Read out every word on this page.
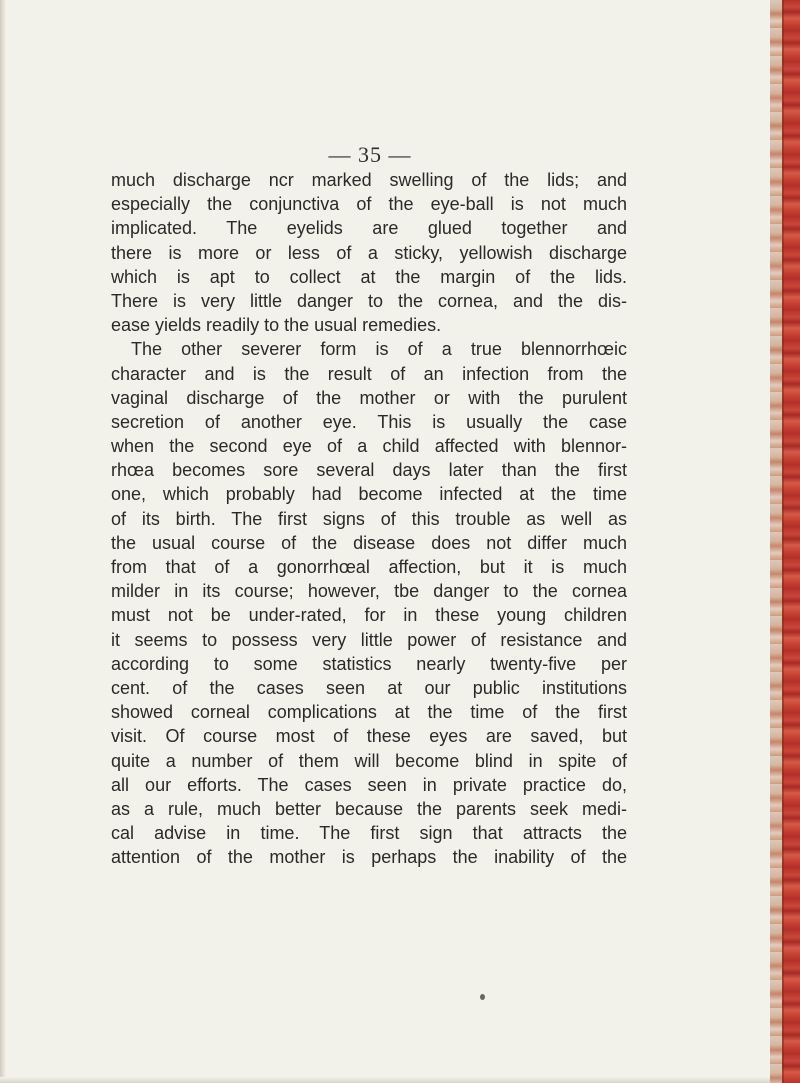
— 35 —
much discharge ncr marked swelling of the lids; and
especially the conjunctiva of the eye-ball is not much
implicated. The eyelids are glued together and
there is more or less of a sticky, yellowish discharge
which is apt to collect at the margin of the lids.
There is very little danger to the cornea, and the dis-
ease yields readily to the usual remedies.
The other severer form is of a true blennorrhœic
character and is the result of an infection from the
vaginal discharge of the mother or with the purulent
secretion of another eye. This is usually the case
when the second eye of a child affected with blennor-
rhœa becomes sore several days later than the first
one, which probably had become infected at the time
of its birth. The first signs of this trouble as well as
the usual course of the disease does not differ much
from that of a gonorrhœal affection, but it is much
milder in its course; however, tbe danger to the cornea
must not be under-rated, for in these young children
it seems to possess very little power of resistance and
according to some statistics nearly twenty-five per
cent. of the cases seen at our public institutions
showed corneal complications at the time of the first
visit. Of course most of these eyes are saved, but
quite a number of them will become blind in spite of
all our efforts. The cases seen in private practice do,
as a rule, much better because the parents seek medi-
cal advise in time. The first sign that attracts the
attention of the mother is perhaps the inability of the
